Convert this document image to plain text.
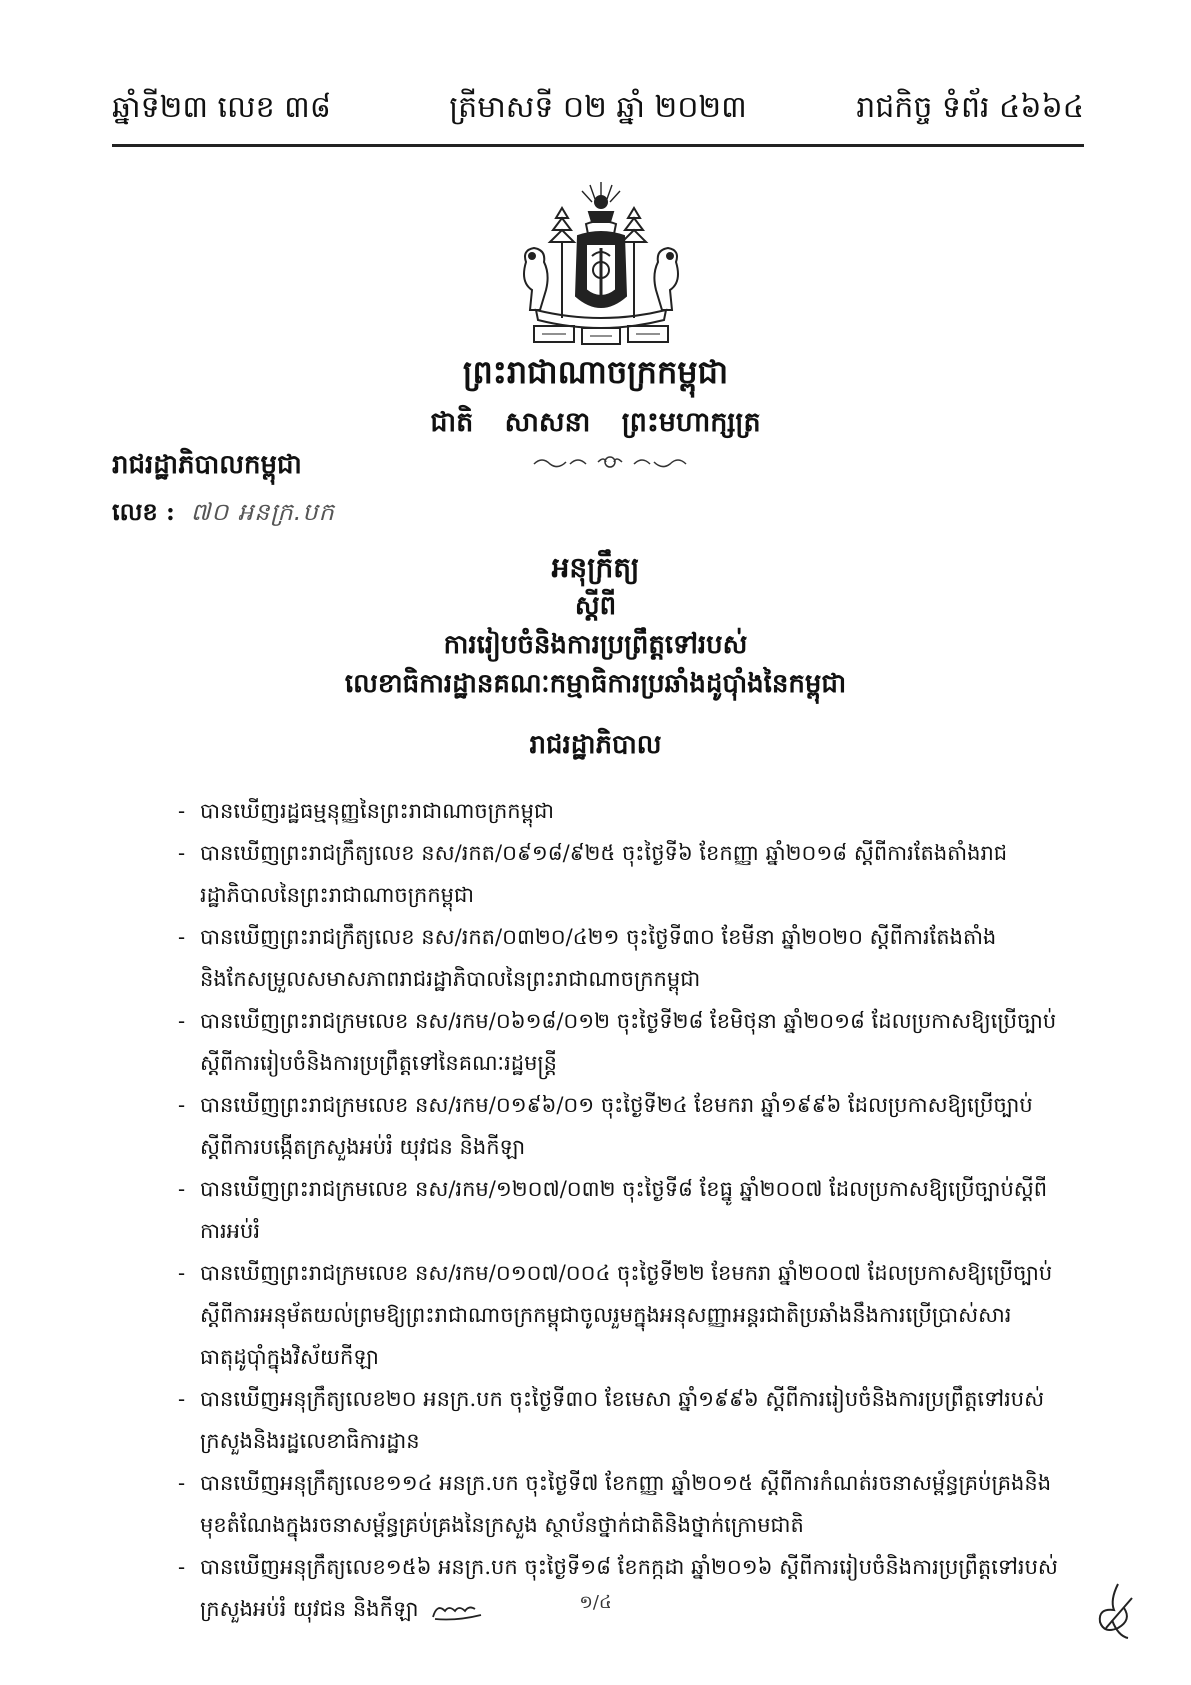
ឆ្នាំទី២៣ លេខ ៣៨	ត្រីមាសទី ០២ ឆ្នាំ ២០២៣	រាជកិច្ច ទំព័រ ៤៦៦៤
ព្រះរាជាណាចក្រកម្ពុជា
ជាតិ សាសនា ព្រះមហាក្សត្រ
រាជរដ្ឋាភិបាលកម្ពុជា
លេខ : ៧០ អនក្រ.បក
អនុក្រឹត្យ
ស្តីពី
ការរៀបចំនិងការប្រព្រឹត្តទៅរបស់
លេខាធិការដ្ឋានគណៈកម្មាធិការប្រឆាំងដូប៉ាំងនៃកម្ពុជា
រាជរដ្ឋាភិបាល
- បានឃើញរដ្ឋធម្មនុញ្ញនៃព្រះរាជាណាចក្រកម្ពុជា
- បានឃើញព្រះរាជក្រឹត្យលេខ នស/រកត/០៩១៨/៩២៥ ចុះថ្ងៃទី៦ ខែកញ្ញា ឆ្នាំ២០១៨ ស្តីពីការតែងតាំងរាជរដ្ឋាភិបាលនៃព្រះរាជាណាចក្រកម្ពុជា
- បានឃើញព្រះរាជក្រឹត្យលេខ នស/រកត/០៣២០/៤២១ ចុះថ្ងៃទី៣០ ខែមីនា ឆ្នាំ២០២០ ស្តីពីការតែងតាំងនិងកែសម្រួលសមាសភាពរាជរដ្ឋាភិបាលនៃព្រះរាជាណាចក្រកម្ពុជា
- បានឃើញព្រះរាជក្រមលេខ នស/រកម/០៦១៨/០១២ ចុះថ្ងៃទី២៨ ខែមិថុនា ឆ្នាំ២០១៨ ដែលប្រកាសឱ្យប្រើច្បាប់ស្តីពីការរៀបចំនិងការប្រព្រឹត្តទៅនៃគណៈរដ្ឋមន្ត្រី
- បានឃើញព្រះរាជក្រមលេខ នស/រកម/០១៩៦/០១ ចុះថ្ងៃទី២៤ ខែមករា ឆ្នាំ១៩៩៦ ដែលប្រកាសឱ្យប្រើច្បាប់ស្តីពីការបង្កើតក្រសួងអប់រំ យុវជន និងកីឡា
- បានឃើញព្រះរាជក្រមលេខ នស/រកម/១២០៧/០៣២ ចុះថ្ងៃទី៨ ខែធ្នូ ឆ្នាំ២០០៧ ដែលប្រកាសឱ្យប្រើច្បាប់ស្តីពីការអប់រំ
- បានឃើញព្រះរាជក្រមលេខ នស/រកម/០១០៧/០០៤ ចុះថ្ងៃទី២២ ខែមករា ឆ្នាំ២០០៧ ដែលប្រកាសឱ្យប្រើច្បាប់ស្តីពីការអនុម័តយល់ព្រមឱ្យព្រះរាជាណាចក្រកម្ពុជាចូលរួមក្នុងអនុសញ្ញាអន្តរជាតិប្រឆាំងនឹងការប្រើប្រាស់សារធាតុដូប៉ាំក្នុងវិស័យកីឡា
- បានឃើញអនុក្រឹត្យលេខ២០ អនក្រ.បក ចុះថ្ងៃទី៣០ ខែមេសា ឆ្នាំ១៩៩៦ ស្តីពីការរៀបចំនិងការប្រព្រឹត្តទៅរបស់ក្រសួងនិងរដ្ឋលេខាធិការដ្ឋាន
- បានឃើញអនុក្រឹត្យលេខ១១៤ អនក្រ.បក ចុះថ្ងៃទី៧ ខែកញ្ញា ឆ្នាំ២០១៥ ស្តីពីការកំណត់រចនាសម្ព័ន្ធគ្រប់គ្រងនិងមុខតំណែងក្នុងរចនាសម្ព័ន្ធគ្រប់គ្រងនៃក្រសួង ស្ថាប័នថ្នាក់ជាតិនិងថ្នាក់ក្រោមជាតិ
- បានឃើញអនុក្រឹត្យលេខ១៥៦ អនក្រ.បក ចុះថ្ងៃទី១៨ ខែកក្កដា ឆ្នាំ២០១៦ ស្តីពីការរៀបចំនិងការប្រព្រឹត្តទៅរបស់ក្រសួងអប់រំ យុវជន និងកីឡា	១/៤
